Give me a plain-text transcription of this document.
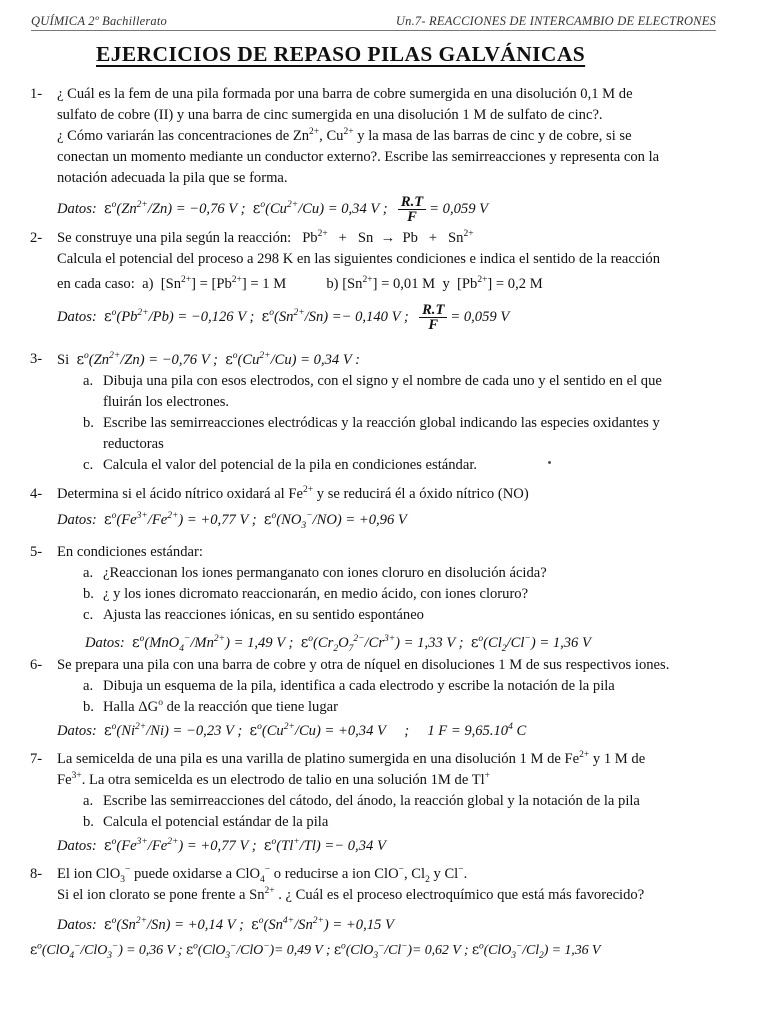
QUÍMICA 2º Bachillerato	Un.7- REACCIONES DE INTERCAMBIO DE ELECTRONES
EJERCICIOS DE REPASO PILAS GALVÁNICAS
1- ¿ Cuál es la fem de una pila formada por una barra de cobre sumergida en una disolución 0,1 M de
sulfato de cobre (II) y una barra de cinc sumergida en una disolución 1 M de sulfato de cinc?.
¿ Cómo variarán las concentraciones de $Zn^{2+}$, $Cu^{2+}$ y la masa de las barras de cinc y de cobre, si se
conectan un momento mediante un conductor externo?. Escribe las semirreacciones y representa con la
notación adecuada la pila que se forma.
Datos: $\varepsilon^o(Zn^{2+}/Zn) = -0,76$ V ; $\varepsilon^o(Cu^{2+}/Cu) = 0,34$ V ; $\frac{R.T}{F} = 0,059$ V
2- Se construye una pila según la reacción: $Pb^{2+} + Sn \to Pb + Sn^{2+}$
Calcula el potencial del proceso a 298 K en las siguientes condiciones e indica el sentido de la reacción
en cada caso: a) $[Sn^{2+}] = [Pb^{2+}] = 1$ M	b) $[Sn^{2+}] = 0,01$ M y $[Pb^{2+}] = 0,2$ M
Datos: $\varepsilon^o(Pb^{2+}/Pb) = -0,126$ V ; $\varepsilon^o(Sn^{2+}/Sn) =- 0,140$ V ; $\frac{R.T}{F} = 0,059$ V
3- Si $\varepsilon^o(Zn^{2+}/Zn) = -0,76$ V ; $\varepsilon^o(Cu^{2+}/Cu) = 0,34$ V :
a. Dibuja una pila con esos electrodos, con el signo y el nombre de cada uno y el sentido en el que
fluirán los electrones.
b. Escribe las semirreacciones electródicas y la reacción global indicando las especies oxidantes y
reductoras
c. Calcula el valor del potencial de la pila en condiciones estándar.
4- Determina si el ácido nítrico oxidará al $Fe^{2+}$ y se reducirá él a óxido nítrico (NO)
Datos: $\varepsilon^o(Fe^{3+}/Fe^{2+}) = +0,77$ V ; $\varepsilon^o(NO_3^-/NO) = +0,96$ V
5- En condiciones estándar:
a. ¿Reaccionan los iones permanganato con iones cloruro en disolución ácida?
b. ¿ y los iones dicromato reaccionarán, en medio ácido, con iones cloruro?
c. Ajusta las reacciones iónicas, en su sentido espontáneo
Datos: $\varepsilon^o(MnO_4^-/Mn^{2+}) = 1,49$ V ; $\varepsilon^o(Cr_2O_7^{2-}/Cr^{3+}) = 1,33$ V ; $\varepsilon^o(Cl_2/Cl^-) = 1,36$ V
6- Se prepara una pila con una barra de cobre y otra de níquel en disoluciones 1 M de sus respectivos iones.
a. Dibuja un esquema de la pila, identifica a cada electrodo y escribe la notación de la pila
b. Halla $\Delta G^o$ de la reacción que tiene lugar
Datos: $\varepsilon^o(Ni^{2+}/Ni) = -0,23$ V ; $\varepsilon^o(Cu^{2+}/Cu) = +0,34$ V ; 1 $F = 9,65.10^4$ C
7- La semicelda de una pila es una varilla de platino sumergida en una disolución 1 M de $Fe^{2+}$ y 1 M de
$Fe^{3+}$. La otra semicelda es un electrodo de talio en una solución 1M de Tl+
a. Escribe las semirreacciones del cátodo, del ánodo, la reacción global y la notación de la pila
b. Calcula el potencial estándar de la pila
Datos: $\varepsilon^o(Fe^{3+}/Fe^{2+}) = +0,77$ V ; $\varepsilon^o(Tl^+/Tl) =- 0,34$ V
8- El ion ClO$_3$− puede oxidarse a ClO$_4$− o reducirse a ion ClO−, $Cl_2$ y Cl−.
Si el ion clorato se pone frente a $Sn^{2+}$ . ¿ Cuál es el proceso electroquímico que está más favorecido?
Datos: $\varepsilon^o(Sn^{2+}/Sn) = +0,14$ V ; $\varepsilon^o(Sn^{4+}/Sn^{2+}) = +0,15$ V
$\varepsilon^o(ClO_4^-/ClO_3^-) = 0,36$ V ; $\varepsilon^o(ClO_3^-/ClO^-)= 0,49$ V ; $\varepsilon^o(ClO_3^-/Cl^-)= 0,62$ V ; $\varepsilon^o(ClO_3^-/Cl_2) = 1,36$ V
